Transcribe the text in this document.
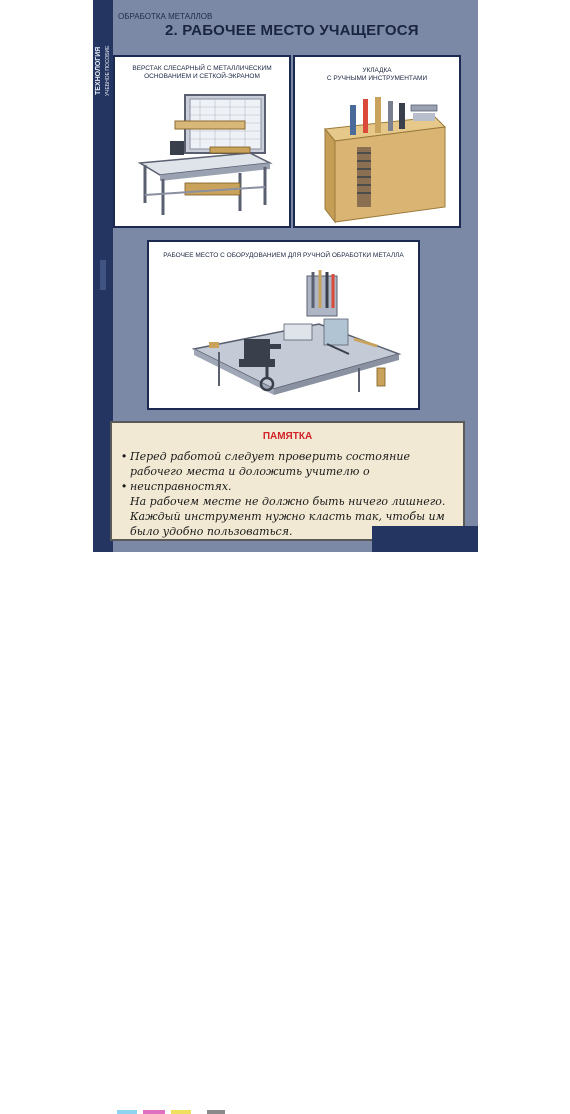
ТЕХНОЛОГИЯ УЧЕБНОЕ ПОСОБИЕ
ОБРАБОТКА МЕТАЛЛОВ
2. РАБОЧЕЕ МЕСТО УЧАЩЕГОСЯ
ВЕРСТАК СЛЕСАРНЫЙ С МЕТАЛЛИЧЕСКИМ
ОСНОВАНИЕМ И СЕТКОЙ-ЭКРАНОМ
УКЛАДКА
С РУЧНЫМИ ИНСТРУМЕНТАМИ
РАБОЧЕЕ МЕСТО С ОБОРУДОВАНИЕМ ДЛЯ РУЧНОЙ ОБРАБОТКИ МЕТАЛЛА
ПАМЯТКА
• Перед работой следует проверить состояние
рабочего места и доложить учителю о
• неисправностях.
На рабочем месте не должно быть ничего лишнего.
Каждый инструмент нужно класть так, чтобы им
было удобно пользоваться.
